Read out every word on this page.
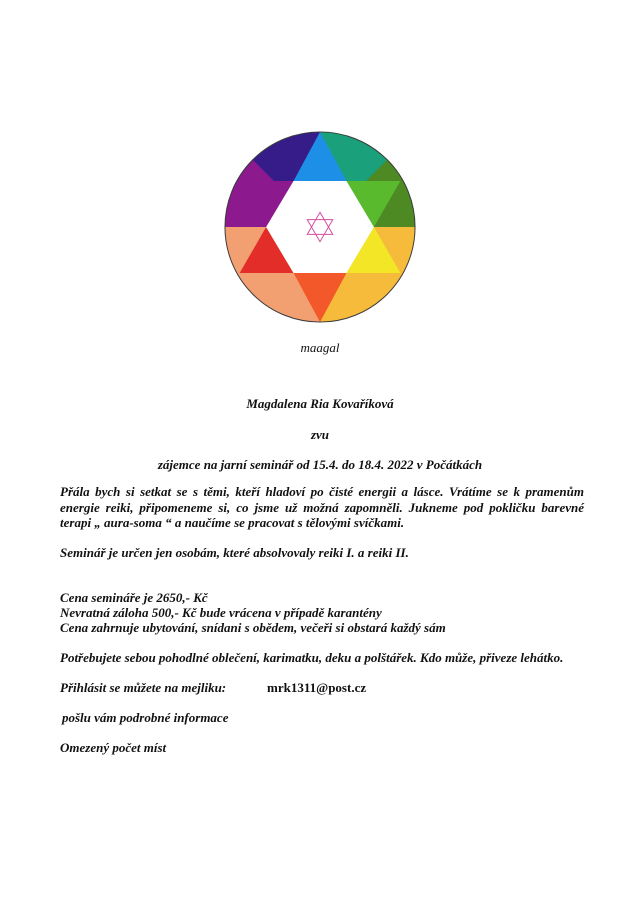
maagal
Magdalena Ria Kovaříková
zvu
zájemce na jarní seminář od 15.4. do 18.4. 2022 v Počátkách
Přála bych si setkat se s těmi, kteří hladoví po čisté energii a lásce. Vrátíme se k pramenům energie reiki, připomeneme si, co jsme už možná zapomněli. Jukneme pod pokličku barevné terapi „ aura-soma “ a naučíme se pracovat s tělovými svíčkami.
Seminář je určen jen osobám, které absolvovaly reiki I. a reiki II.
Cena semináře je 2650,- Kč
Nevratná záloha 500,- Kč bude vrácena v případě karantény
Cena zahrnuje ubytování, snídani s obědem, večeři si obstará každý sám
Potřebujete sebou pohodlné oblečení, karimatku, deku a polštářek. Kdo může, přiveze lehátko.
Přihlásit se můžete na mejliku:	mrk1311@post.cz
pošlu vám podrobné informace
Omezený počet míst
